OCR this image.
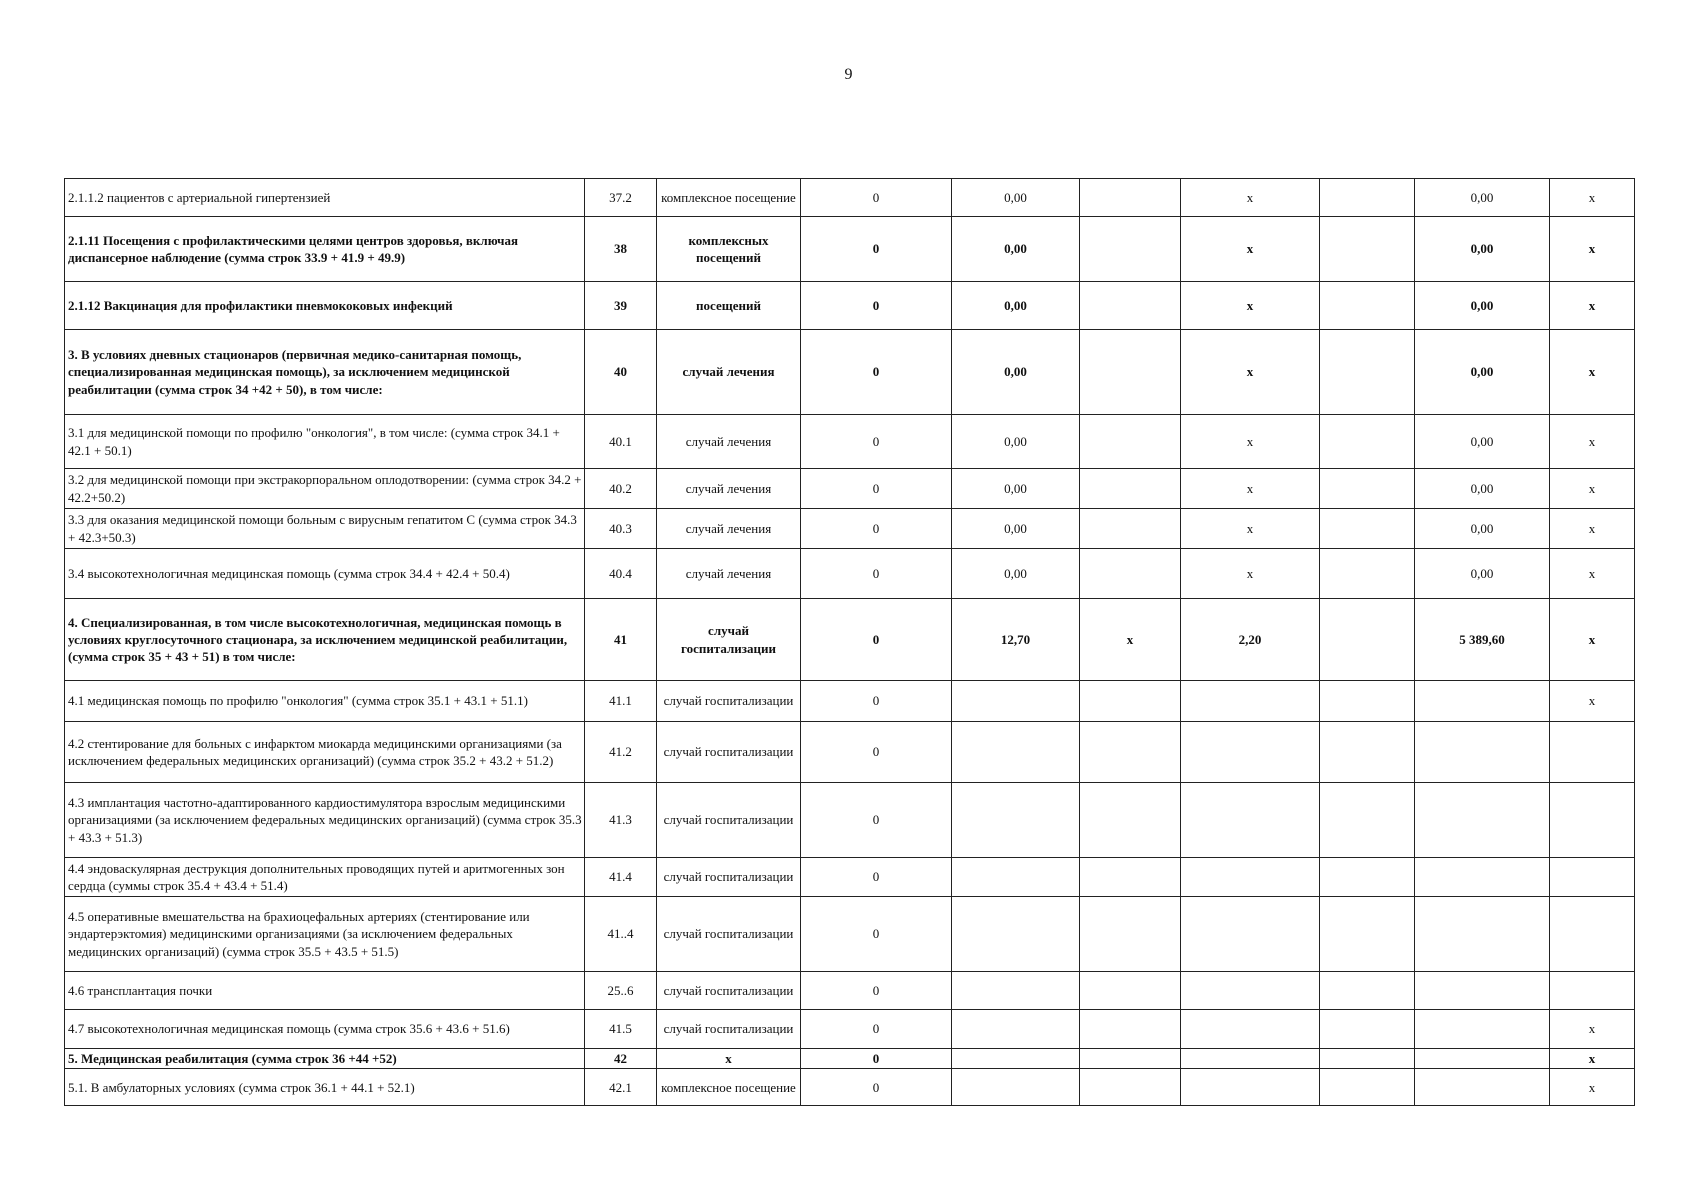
9
2.1.1.2 пациентов с артериальной гипертензией	37.2	комплексное посещение	0	0,00		х		0,00	х
2.1.11 Посещения с профилактическими целями центров здоровья, включая диспансерное наблюдение (сумма строк 33.9 + 41.9 + 49.9)	38	комплексных посещений	0	0,00		х		0,00	х
2.1.12 Вакцинация для профилактики пневмококовых инфекций	39	посещений	0	0,00		х		0,00	х
3. В условиях дневных стационаров (первичная медико-санитарная помощь, специализированная медицинская помощь), за исключением медицинской реабилитации (сумма строк 34 +42 + 50), в том числе:	40	случай лечения	0	0,00		х		0,00	х
3.1 для медицинской помощи по профилю "онкология", в том числе: (сумма строк 34.1 + 42.1 + 50.1)	40.1	случай лечения	0	0,00		х		0,00	х
3.2 для медицинской помощи при экстракорпоральном оплодотворении: (сумма строк 34.2 + 42.2+50.2)	40.2	случай лечения	0	0,00		х		0,00	х
3.3 для оказания медицинской помощи больным с вирусным гепатитом С (сумма строк 34.3 + 42.3+50.3)	40.3	случай лечения	0	0,00		х		0,00	х
3.4 высокотехнологичная медицинская помощь (сумма строк 34.4 + 42.4 + 50.4)	40.4	случай лечения	0	0,00		х		0,00	х
4. Специализированная, в том числе высокотехнологичная, медицинская помощь в условиях круглосуточного стационара, за исключением медицинской реабилитации, (сумма строк 35 + 43 + 51) в том числе:	41	случай госпитализации	0	12,70	х	2,20		5 389,60	х
4.1 медицинская помощь по профилю "онкология" (сумма строк 35.1 + 43.1 + 51.1)	41.1	случай госпитализации	0						х
4.2 стентирование для больных с инфарктом миокарда медицинскими организациями (за исключением федеральных медицинских организаций) (сумма строк 35.2 + 43.2 + 51.2)	41.2	случай госпитализации	0						
4.3 имплантация частотно-адаптированного кардиостимулятора взрослым медицинскими организациями (за исключением федеральных медицинских организаций) (сумма строк 35.3 + 43.3 + 51.3)	41.3	случай госпитализации	0						
4.4 эндоваскулярная деструкция дополнительных проводящих путей и аритмогенных зон сердца (суммы строк 35.4 + 43.4 + 51.4)	41.4	случай госпитализации	0						
4.5 оперативные вмешательства на брахиоцефальных артериях (стентирование или эндартерэктомия) медицинскими организациями (за исключением федеральных медицинских организаций) (сумма строк 35.5 + 43.5 + 51.5)	41..4	случай госпитализации	0						
4.6 трансплантация почки	25..6	случай госпитализации	0						
4.7 высокотехнологичная медицинская помощь (сумма строк 35.6 + 43.6 + 51.6)	41.5	случай госпитализации	0						х
5. Медицинская реабилитация (сумма строк 36 +44 +52)	42	х	0						х
5.1. В амбулаторных условиях (сумма строк 36.1 + 44.1 + 52.1)	42.1	комплексное посещение	0						х
